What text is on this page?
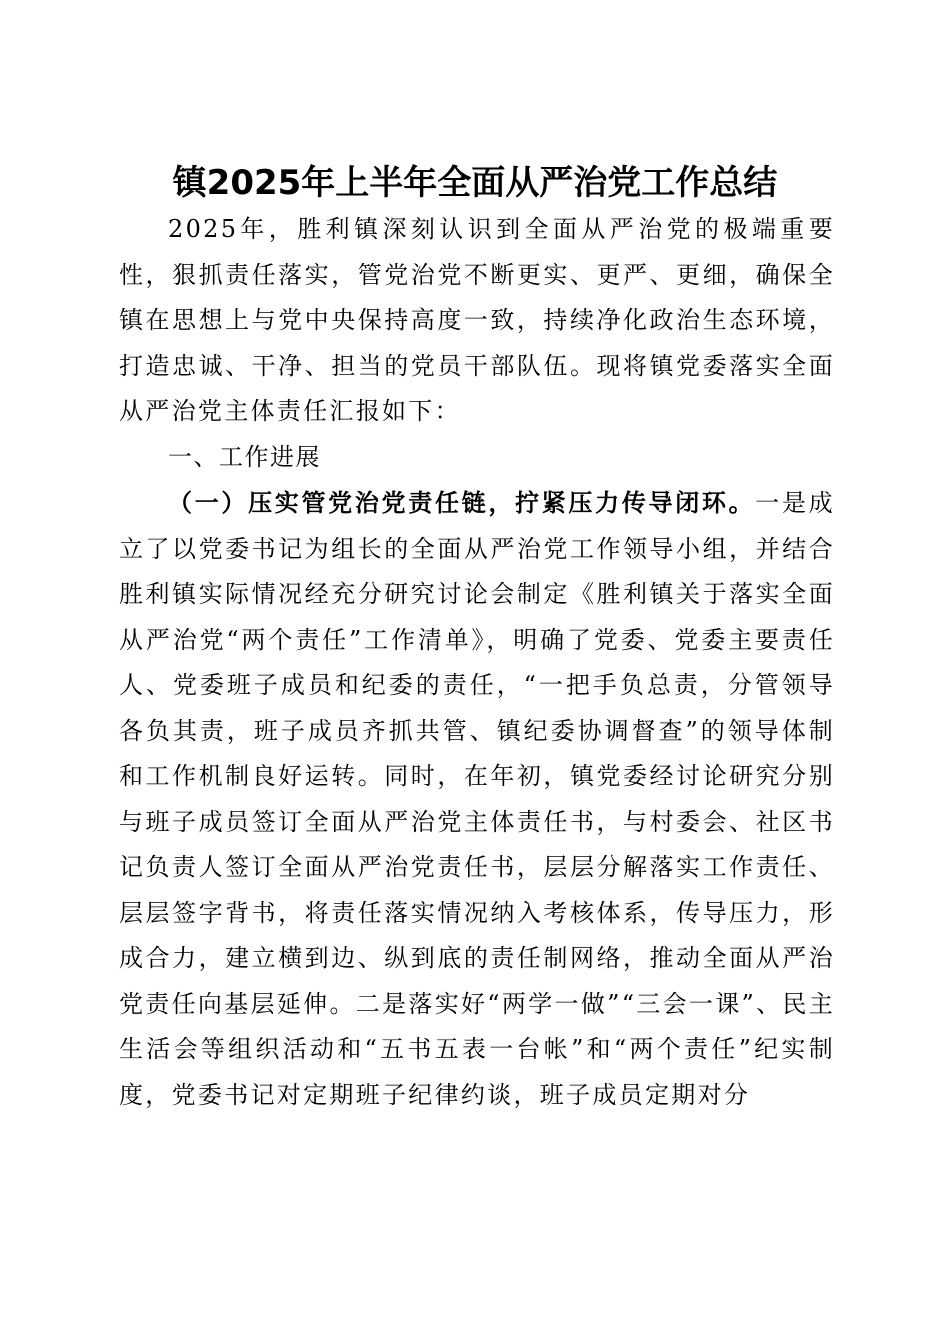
镇2025年上半年全面从严治党工作总结

2025年，胜利镇深刻认识到全面从严治党的极端重要性，狠抓责任落实，管党治党不断更实、更严、更细，确保全镇在思想上与党中央保持高度一致，持续净化政治生态环境，打造忠诚、干净、担当的党员干部队伍。现将镇党委落实全面从严治党主体责任汇报如下：

一、工作进展

（一）压实管党治党责任链，拧紧压力传导闭环。一是成立了以党委书记为组长的全面从严治党工作领导小组，并结合胜利镇实际情况经充分研究讨论会制定《胜利镇关于落实全面从严治党“两个责任”工作清单》，明确了党委、党委主要责任人、党委班子成员和纪委的责任，“一把手负总责，分管领导各负其责，班子成员齐抓共管、镇纪委协调督查”的领导体制和工作机制良好运转。同时，在年初，镇党委经讨论研究分别与班子成员签订全面从严治党主体责任书，与村委会、社区书记负责人签订全面从严治党责任书，层层分解落实工作责任、层层签字背书，将责任落实情况纳入考核体系，传导压力，形成合力，建立横到边、纵到底的责任制网络，推动全面从严治党责任向基层延伸。二是落实好“两学一做”“三会一课”、民主生活会等组织活动和“五书五表一台帐”和“两个责任”纪实制度，党委书记对定期班子纪律约谈，班子成员定期对分
